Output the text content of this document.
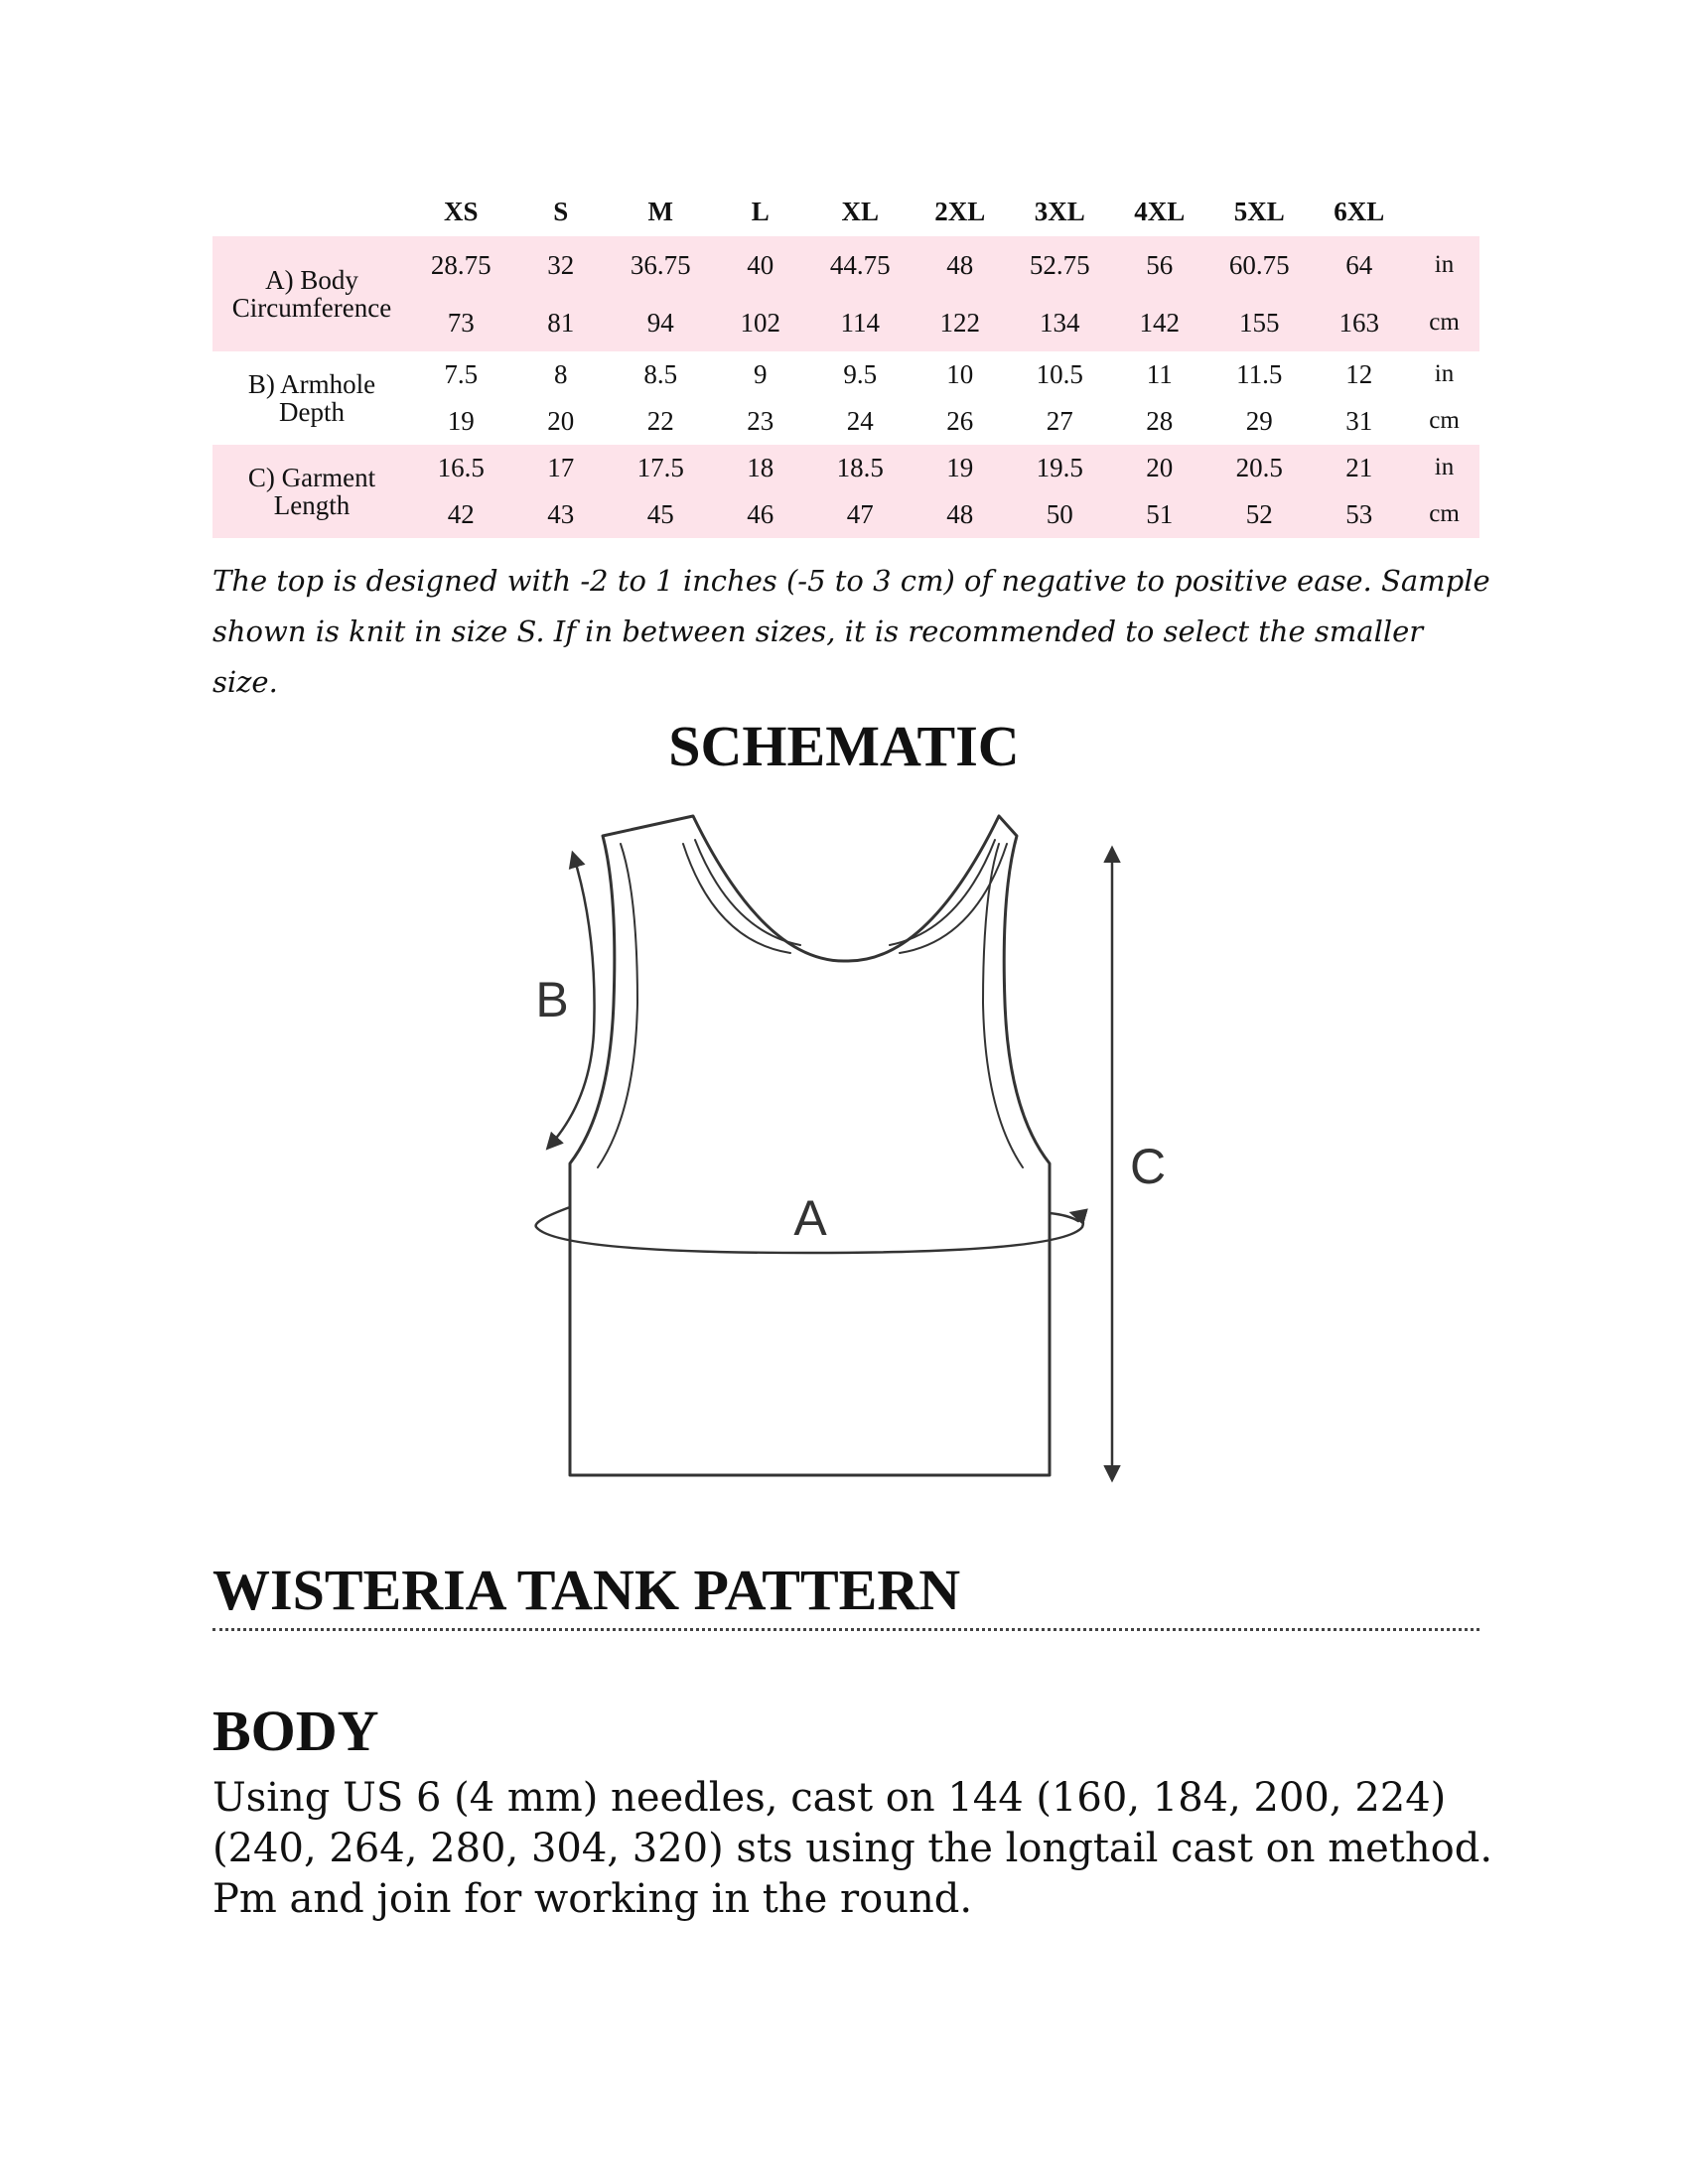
	XS	S	M	L	XL	2XL	3XL	4XL	5XL	6XL	

A) Body
Circumference	28.75	32	36.75	40	44.75	48	52.75	56	60.75	64	in
	73	81	94	102	114	122	134	142	155	163	cm

B) Armhole
Depth	7.5	8	8.5	9	9.5	10	10.5	11	11.5	12	in
	19	20	22	23	24	26	27	28	29	31	cm

C) Garment
Length	16.5	17	17.5	18	18.5	19	19.5	20	20.5	21	in
	42	43	45	46	47	48	50	51	52	53	cm

The top is designed with -2 to 1 inches (-5 to 3 cm) of negative to positive ease. Sample shown is knit in size S. If in between sizes, it is recommended to select the smaller size.

SCHEMATIC
B
A
C
WISTERIA TANK PATTERN
BODY

Using US 6 (4 mm) needles, cast on 144 (160, 184, 200, 224) (240, 264, 280, 304, 320) sts using the longtail cast on method. Pm and join for working in the round.
